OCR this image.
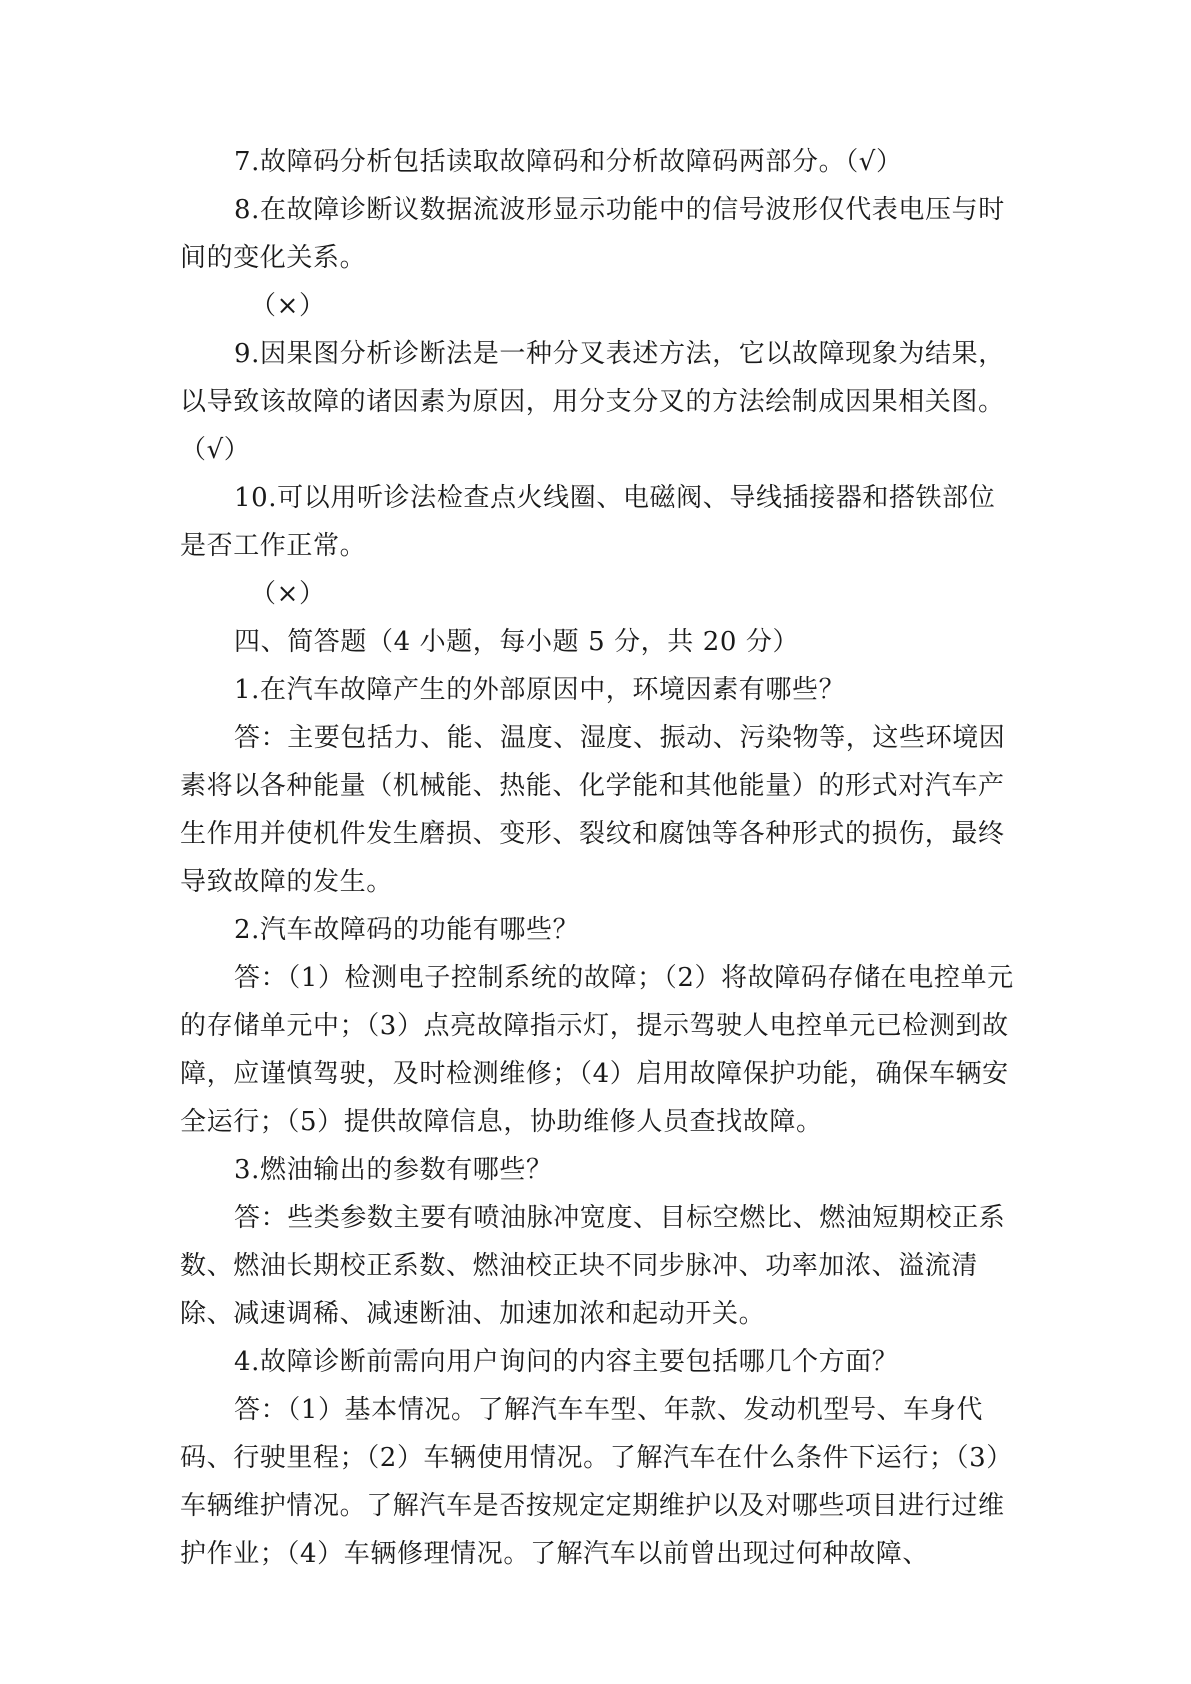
7.故障码分析包括读取故障码和分析故障码两部分。（√）

8.在故障诊断议数据流波形显示功能中的信号波形仅代表电压与时间的变化关系。

（×）

9.因果图分析诊断法是一种分叉表述方法，它以故障现象为结果，以导致该故障的诸因素为原因，用分支分叉的方法绘制成因果相关图。

（√）

10.可以用听诊法检查点火线圈、电磁阀、导线插接器和搭铁部位是否工作正常。

（×）

四、简答题（4 小题，每小题 5 分，共 20 分）

1.在汽车故障产生的外部原因中，环境因素有哪些？

答：主要包括力、能、温度、湿度、振动、污染物等，这些环境因素将以各种能量（机械能、热能、化学能和其他能量）的形式对汽车产生作用并使机件发生磨损、变形、裂纹和腐蚀等各种形式的损伤，最终导致故障的发生。

2.汽车故障码的功能有哪些？

答：（1）检测电子控制系统的故障；（2）将故障码存储在电控单元的存储单元中；（3）点亮故障指示灯，提示驾驶人电控单元已检测到故障，应谨慎驾驶，及时检测维修；（4）启用故障保护功能，确保车辆安全运行；（5）提供故障信息，协助维修人员查找故障。

3.燃油输出的参数有哪些？

答：些类参数主要有喷油脉冲宽度、目标空燃比、燃油短期校正系数、燃油长期校正系数、燃油校正块不同步脉冲、功率加浓、溢流清除、减速调稀、减速断油、加速加浓和起动开关。

4.故障诊断前需向用户询问的内容主要包括哪几个方面？

答：（1）基本情况。了解汽车车型、年款、发动机型号、车身代码、行驶里程；（2）车辆使用情况。了解汽车在什么条件下运行；（3）车辆维护情况。了解汽车是否按规定定期维护以及对哪些项目进行过维护作业；（4）车辆修理情况。了解汽车以前曾出现过何种故障、
